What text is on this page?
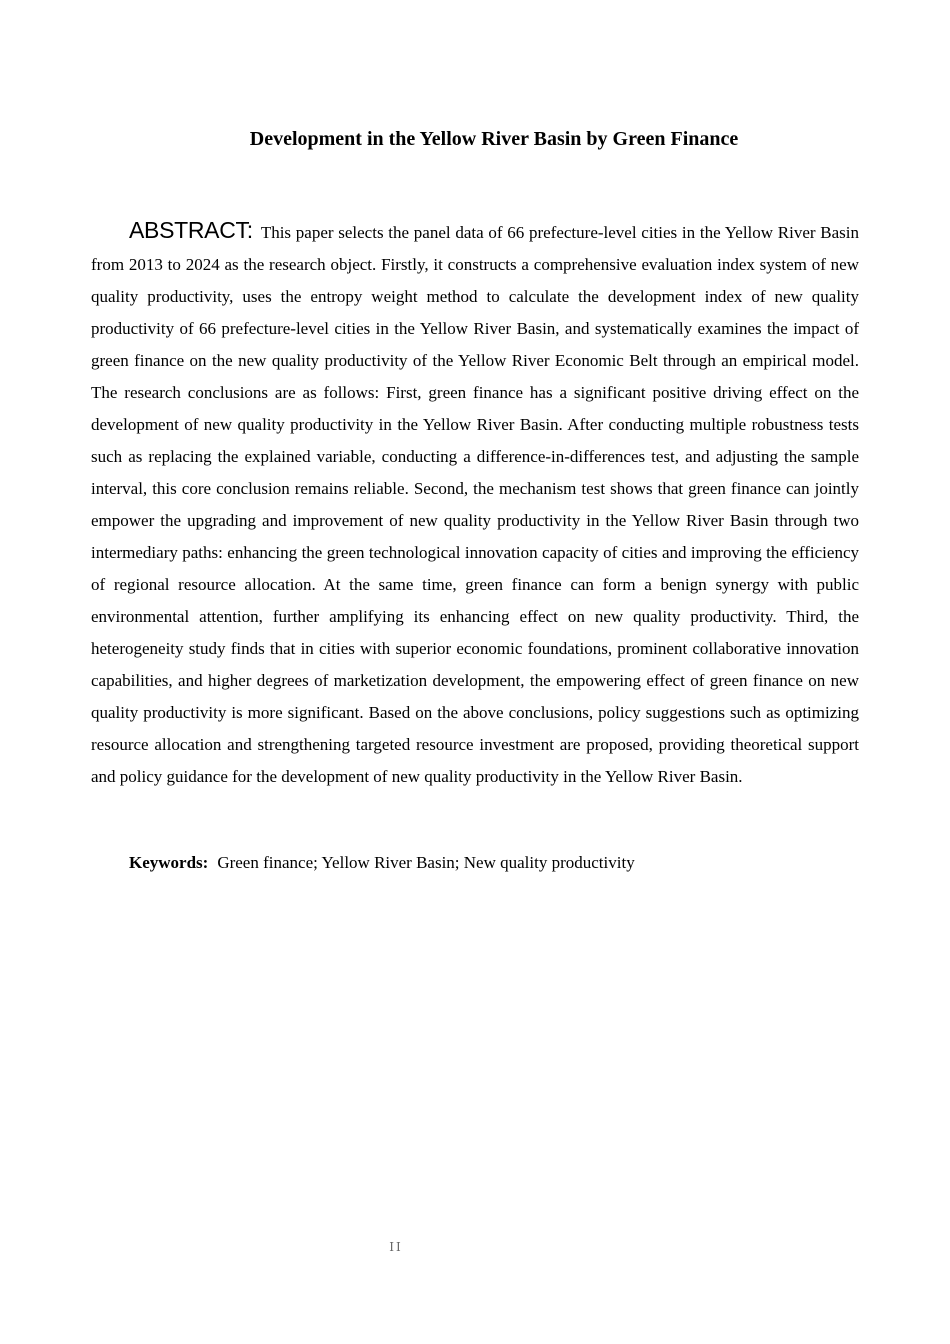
Development in the Yellow River Basin by Green Finance

ABSTRACT: This paper selects the panel data of 66 prefecture-level cities in the Yellow River Basin from 2013 to 2024 as the research object. Firstly, it constructs a comprehensive evaluation index system of new quality productivity, uses the entropy weight method to calculate the development index of new quality productivity of 66 prefecture-level cities in the Yellow River Basin, and systematically examines the impact of green finance on the new quality productivity of the Yellow River Economic Belt through an empirical model. The research conclusions are as follows: First, green finance has a significant positive driving effect on the development of new quality productivity in the Yellow River Basin. After conducting multiple robustness tests such as replacing the explained variable, conducting a difference-in-differences test, and adjusting the sample interval, this core conclusion remains reliable. Second, the mechanism test shows that green finance can jointly empower the upgrading and improvement of new quality productivity in the Yellow River Basin through two intermediary paths: enhancing the green technological innovation capacity of cities and improving the efficiency of regional resource allocation. At the same time, green finance can form a benign synergy with public environmental attention, further amplifying its enhancing effect on new quality productivity. Third, the heterogeneity study finds that in cities with superior economic foundations, prominent collaborative innovation capabilities, and higher degrees of marketization development, the empowering effect of green finance on new quality productivity is more significant. Based on the above conclusions, policy suggestions such as optimizing resource allocation and strengthening targeted resource investment are proposed, providing theoretical support and policy guidance for the development of new quality productivity in the Yellow River Basin.

Keywords: Green finance; Yellow River Basin; New quality productivity

II
